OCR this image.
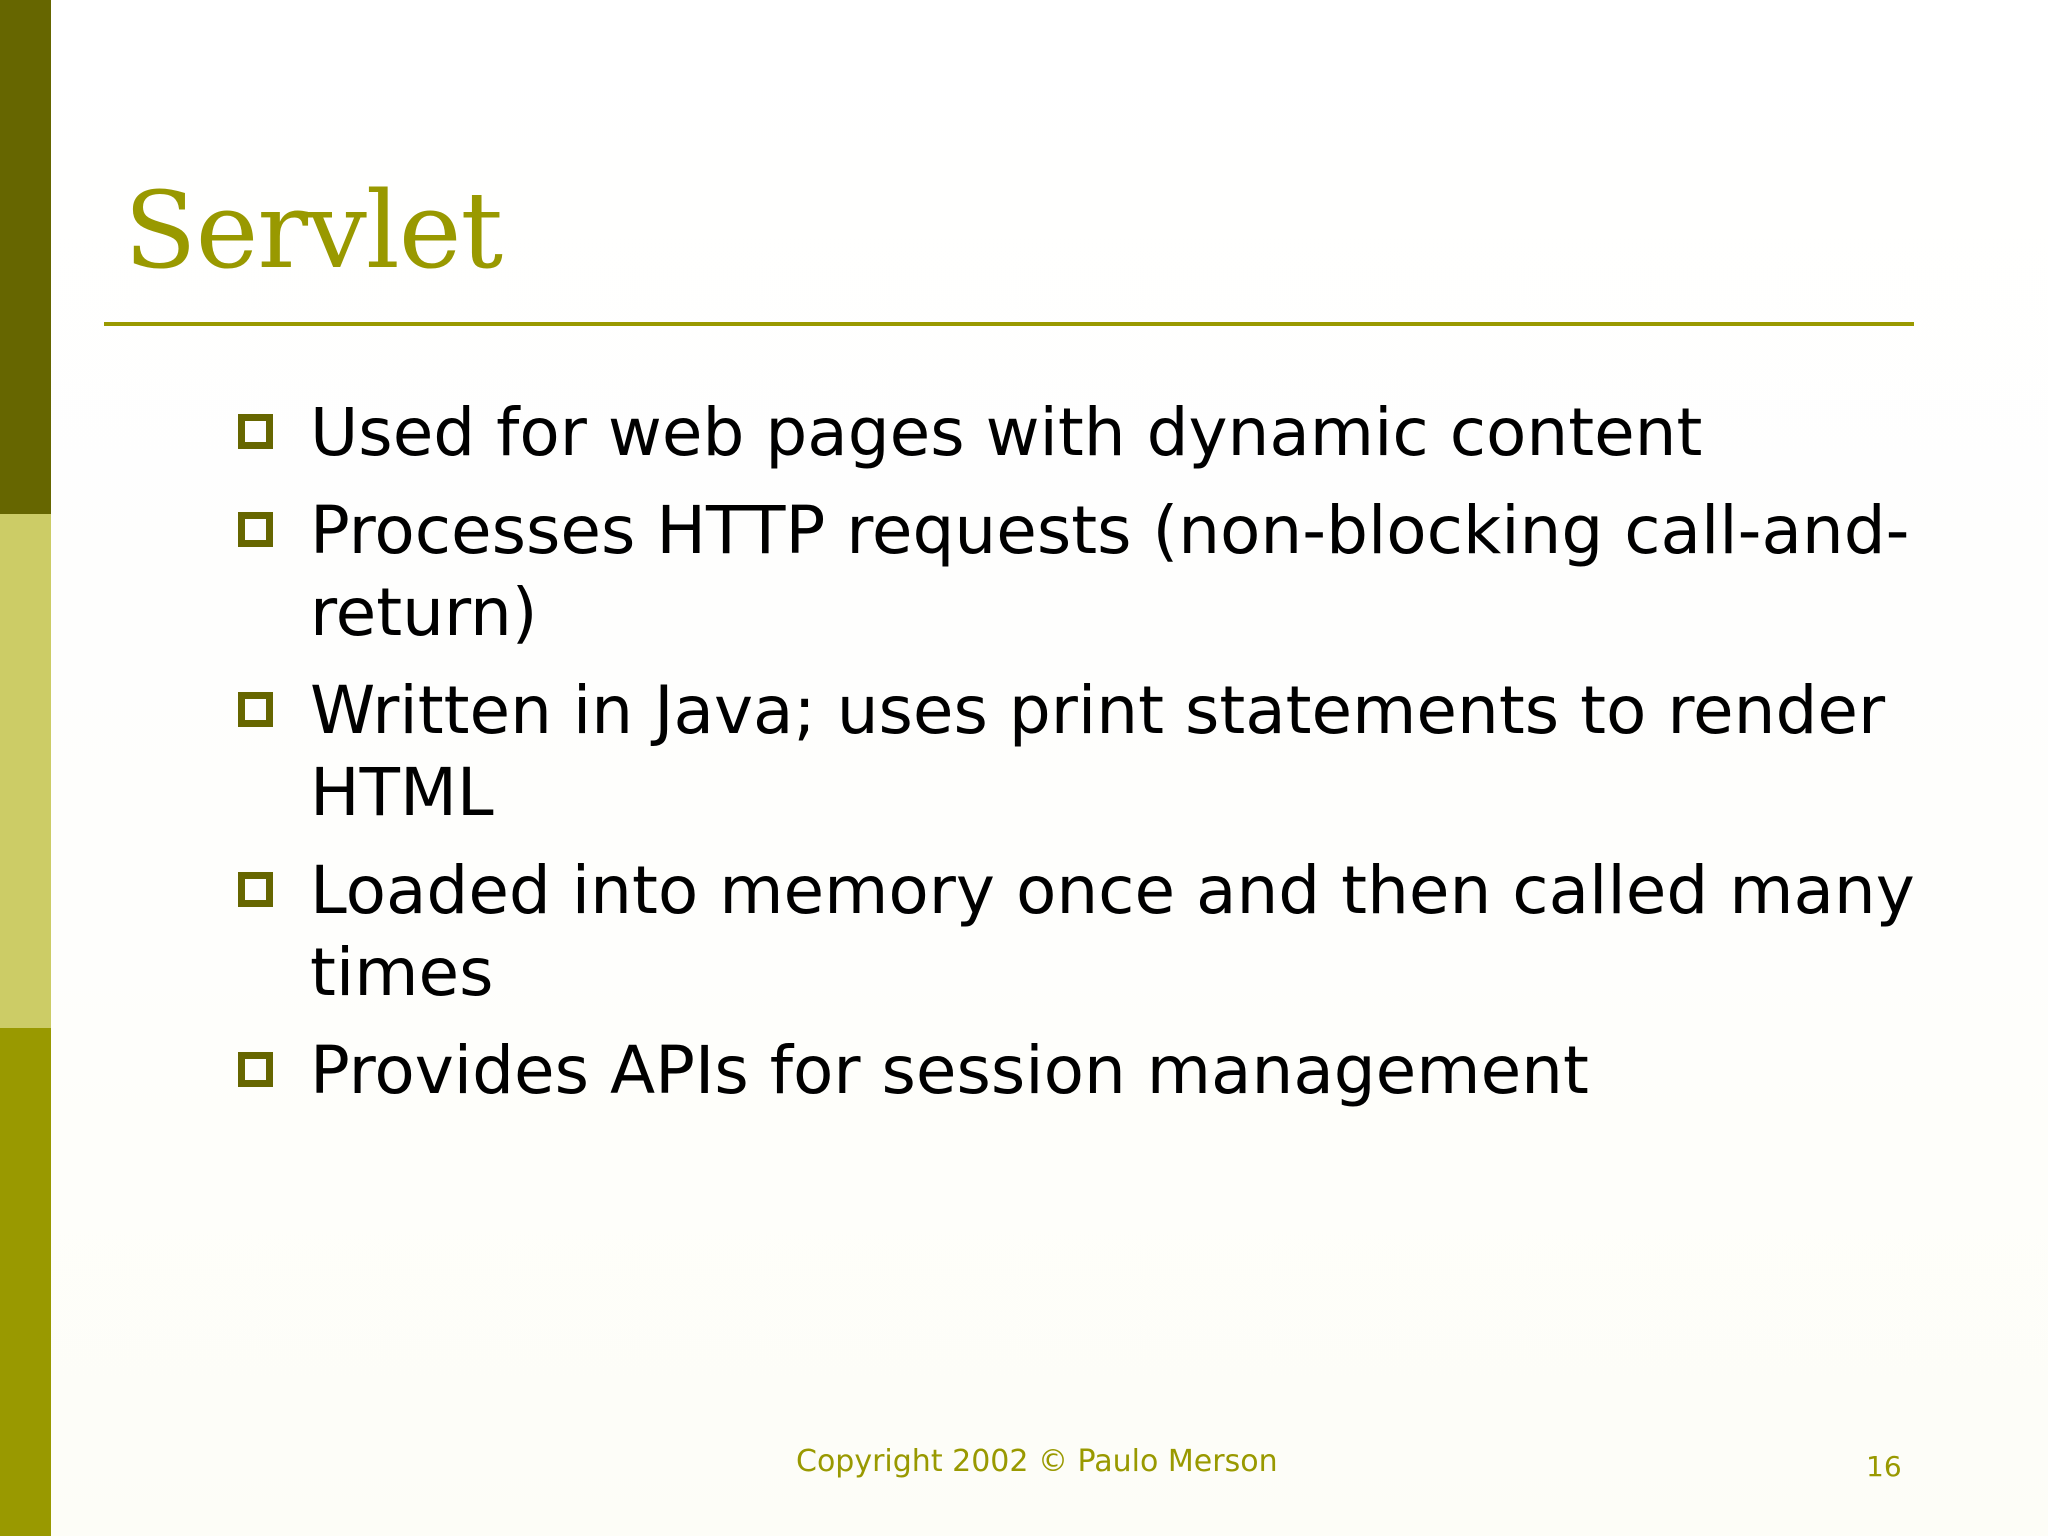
Servlet
Used for web pages with dynamic content
Processes HTTP requests (non-blocking call-and-return)
Written in Java; uses print statements to render HTML
Loaded into memory once and then called many times
Provides APIs for session management
Copyright 2002 © Paulo Merson	16
